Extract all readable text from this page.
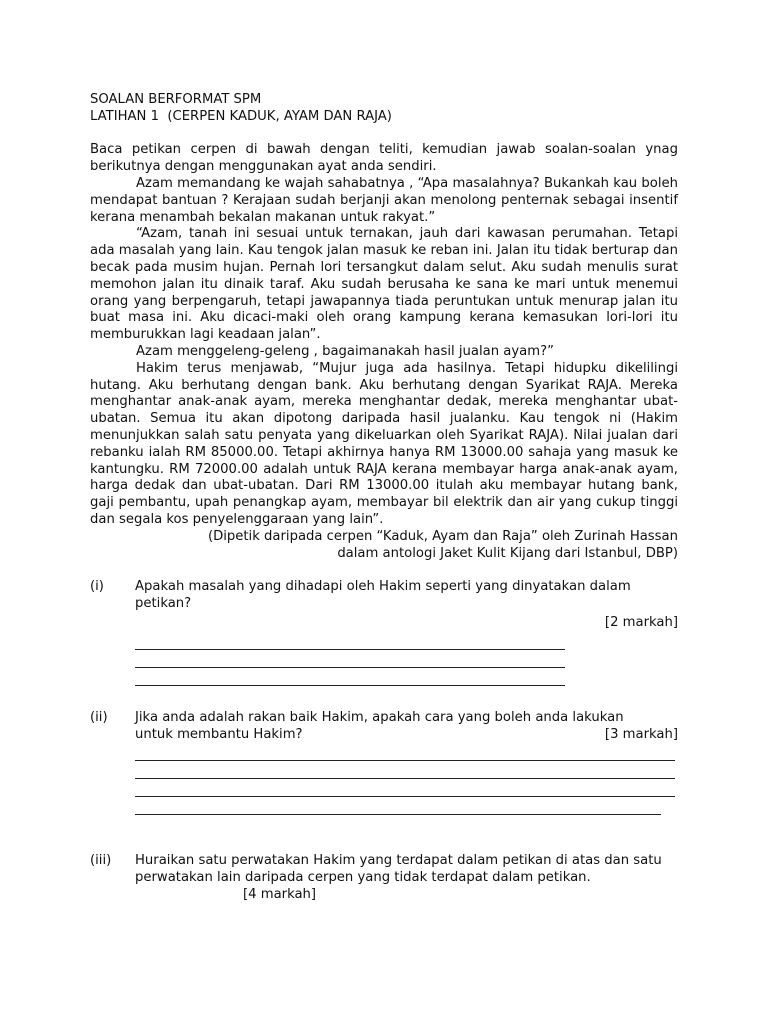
SOALAN BERFORMAT SPM
LATIHAN 1  (CERPEN KADUK, AYAM DAN RAJA)

Baca petikan cerpen di bawah dengan teliti, kemudian jawab soalan-soalan ynag berikutnya dengan menggunakan ayat anda sendiri.

Azam memandang ke wajah sahabatnya , “Apa masalahnya? Bukankah kau boleh mendapat bantuan ? Kerajaan sudah berjanji akan menolong penternak sebagai insentif kerana menambah bekalan makanan untuk rakyat.”

“Azam, tanah ini sesuai untuk ternakan, jauh dari kawasan perumahan. Tetapi ada masalah yang lain. Kau tengok jalan masuk ke reban ini. Jalan itu tidak berturap dan becak pada musim hujan. Pernah lori tersangkut dalam selut. Aku sudah menulis surat memohon jalan itu dinaik taraf. Aku sudah berusaha ke sana ke mari untuk menemui orang yang berpengaruh, tetapi jawapannya tiada peruntukan untuk menurap jalan itu buat masa ini. Aku dicaci-maki oleh orang kampung kerana kemasukan lori-lori itu memburukkan lagi keadaan jalan”.

Azam menggeleng-geleng , bagaimanakah hasil jualan ayam?”

Hakim terus menjawab, “Mujur juga ada hasilnya. Tetapi hidupku dikelilingi hutang. Aku berhutang dengan bank. Aku berhutang dengan Syarikat RAJA. Mereka menghantar anak-anak ayam, mereka menghantar dedak, mereka menghantar ubat-ubatan. Semua itu akan dipotong daripada hasil jualanku. Kau tengok ni (Hakim menunjukkan salah satu penyata yang dikeluarkan oleh Syarikat RAJA). Nilai jualan dari rebanku ialah RM 85000.00. Tetapi akhirnya hanya RM 13000.00 sahaja yang masuk ke kantungku. RM 72000.00 adalah untuk RAJA kerana membayar harga anak-anak ayam, harga dedak dan ubat-ubatan. Dari RM 13000.00 itulah aku membayar hutang bank, gaji pembantu, upah penangkap ayam, membayar bil elektrik dan air yang cukup tinggi dan segala kos penyelenggaraan yang lain”.

(Dipetik daripada cerpen “Kaduk, Ayam dan Raja” oleh Zurinah Hassan

dalam antologi Jaket Kulit Kijang dari Istanbul, DBP)

(i)	Apakah masalah yang dihadapi oleh Hakim seperti yang dinyatakan dalam petikan?

[2 markah]

(ii)	Jika anda adalah rakan baik Hakim, apakah cara yang boleh anda lakukan

untuk membantu Hakim?	[3 markah]
(iii)	Huraikan satu perwatakan Hakim yang terdapat dalam petikan di atas dan satu perwatakan lain daripada cerpen yang tidak terdapat dalam petikan.

[4 markah]
